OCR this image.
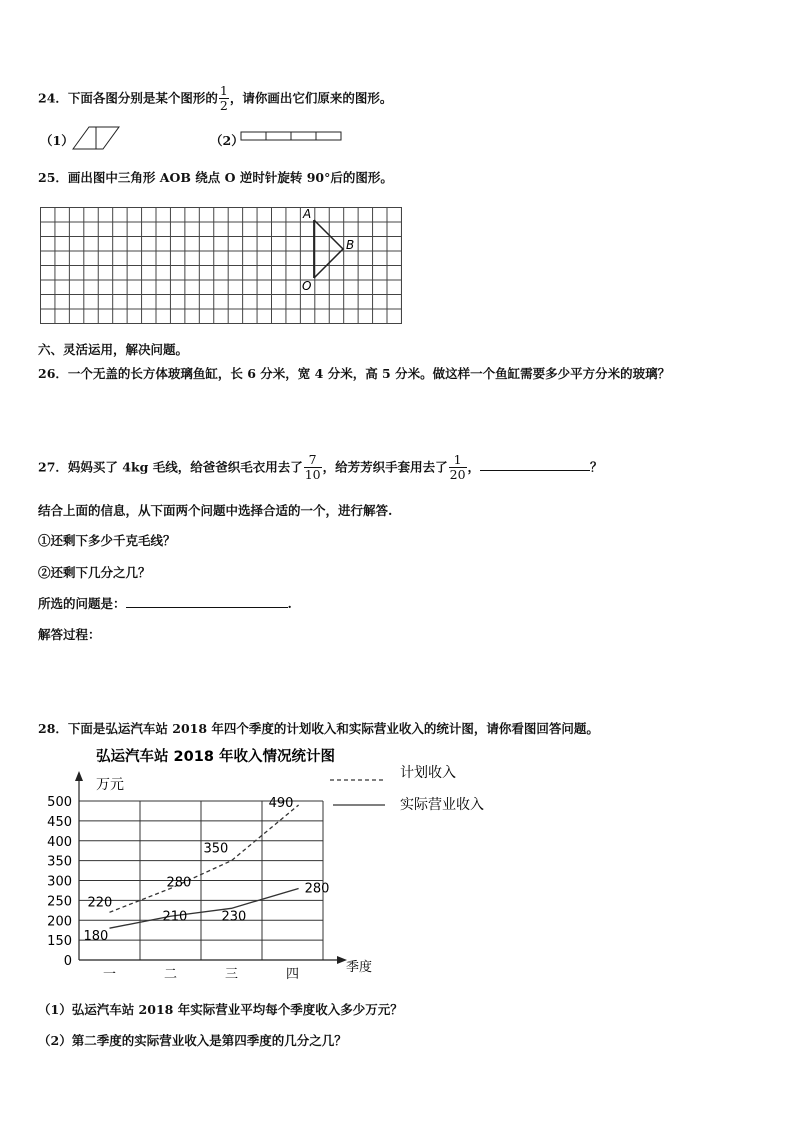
24．下面各图分别是某个图形的 $\frac{1}{2}$ ，请你画出它们原来的图形。
（1）	（2）
25．画出图中三角形 AOB 绕点 O 逆时针旋转 90°后的图形。
A
B
O
六、灵活运用，解决问题。
26．一个无盖的长方体玻璃鱼缸，长 6 分米，宽 4 分米，高 5 分米。做这样一个鱼缸需要多少平方分米的玻璃？
27．妈妈买了 4kg 毛线，给爸爸织毛衣用去了 $\frac{7}{10}$ ，给芳芳织手套用去了 $\frac{1}{20}$ ，	？
结合上面的信息，从下面两个问题中选择合适的一个，进行解答.
①还剩下多少千克毛线？
②还剩下几分之几？
所选的问题是：	.
解答过程：
28．下面是弘运汽车站 2018 年四个季度的计划收入和实际营业收入的统计图，请你看图回答问题。
弘运汽车站 2018 年收入情况统计图
万元
季度
计划收入
实际营业收入
0
150
200
250
300
350
400
450
500
一	二	三	四
220
280
350
490
180
210	230
280
（1）弘运汽车站 2018 年实际营业平均每个季度收入多少万元？
（2）第二季度的实际营业收入是第四季度的几分之几？
